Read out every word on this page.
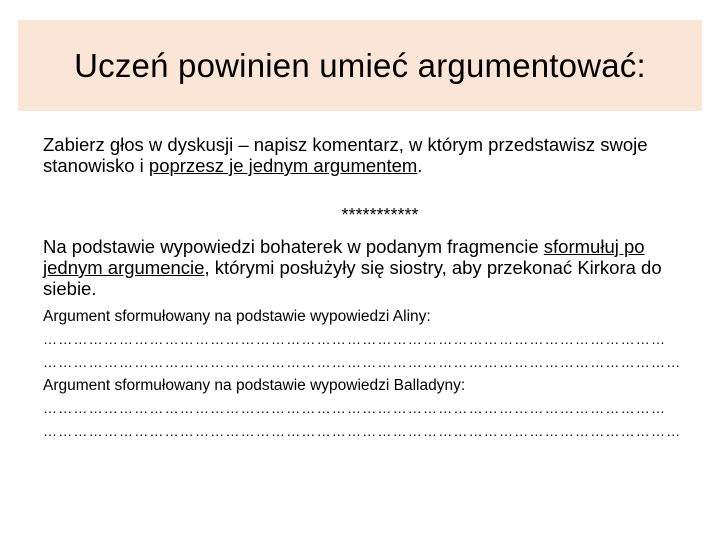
Uczeń powinien umieć argumentować:

Zabierz głos w dyskusji – napisz komentarz, w którym przedstawisz swoje stanowisko i poprzesz je jednym argumentem.

***********

Na podstawie wypowiedzi bohaterek w podanym fragmencie sformułuj po jednym argumencie, którymi posłużyły się siostry, aby przekonać Kirkora do siebie.

Argument sformułowany na podstawie wypowiedzi Aliny:

……………………………………………………………………………………………………………

………………………………………………………………………………………………………………

Argument sformułowany na podstawie wypowiedzi Balladyny:

……………………………………………………………………………………………………………

………………………………………………………………………………………………………………
